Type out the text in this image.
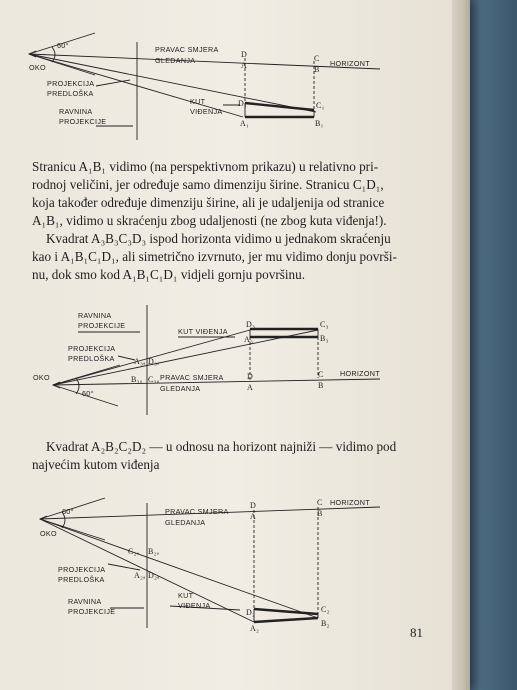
60°
OKO
PRAVAC SMJERA
GLEDANJA
PROJEKCIJA
PREDLOŠKA
RAVNINA
PROJEKCIJE
KUT
VIĐENJA
HORIZONT
D
A
C
B
D₁	C₁
A₁	B₁
Stranicu A₁B₁ vidimo (na perspektivnom prikazu) u relativno pri-
rodnoj veličini, jer određuje samo dimenziju širine. Stranicu C₁D₁,
koja također određuje dimenziju širine, ali je udaljenija od stranice
A₁B₁, vidimo u skraćenju zbog udaljenosti (ne zbog kuta viđenja!).
Kvadrat A₃B₃C₃D₃ ispod horizonta vidimo u jednakom skraćenju
kao i A₁B₁C₁D₁, ali simetrično izvrnuto, jer mu vidimo donju površi-
nu, dok smo kod A₁B₁C₁D₁ vidjeli gornju površinu.
RAVNINA
PROJEKCIJE
KUT VIĐENJA
PROJEKCIJA
PREDLOŠKA
OKO
60°
PRAVAC SMJERA
GLEDANJA
HORIZONT
D₃
A₃
C₃
B₃
A₃ₐ D₃ₐ
B₃ₐ C₃ₐ	D
A
C
B
Kvadrat A₂B₂C₂D₂ — u odnosu na horizont najniži — vidimo pod
najvećim kutom viđenja
60°
OKO
PRAVAC SMJERA
GLEDANJA
HORIZONT
C₂ₐ B₂ₐ
PROJEKCIJA
PREDLOŠKA	A₂ₐ D₂ₐ
RAVNINA
PROJEKCIJE
KUT
VIĐENJA
D
A
C
B
D₂	C₂
A₂
B₂
81
